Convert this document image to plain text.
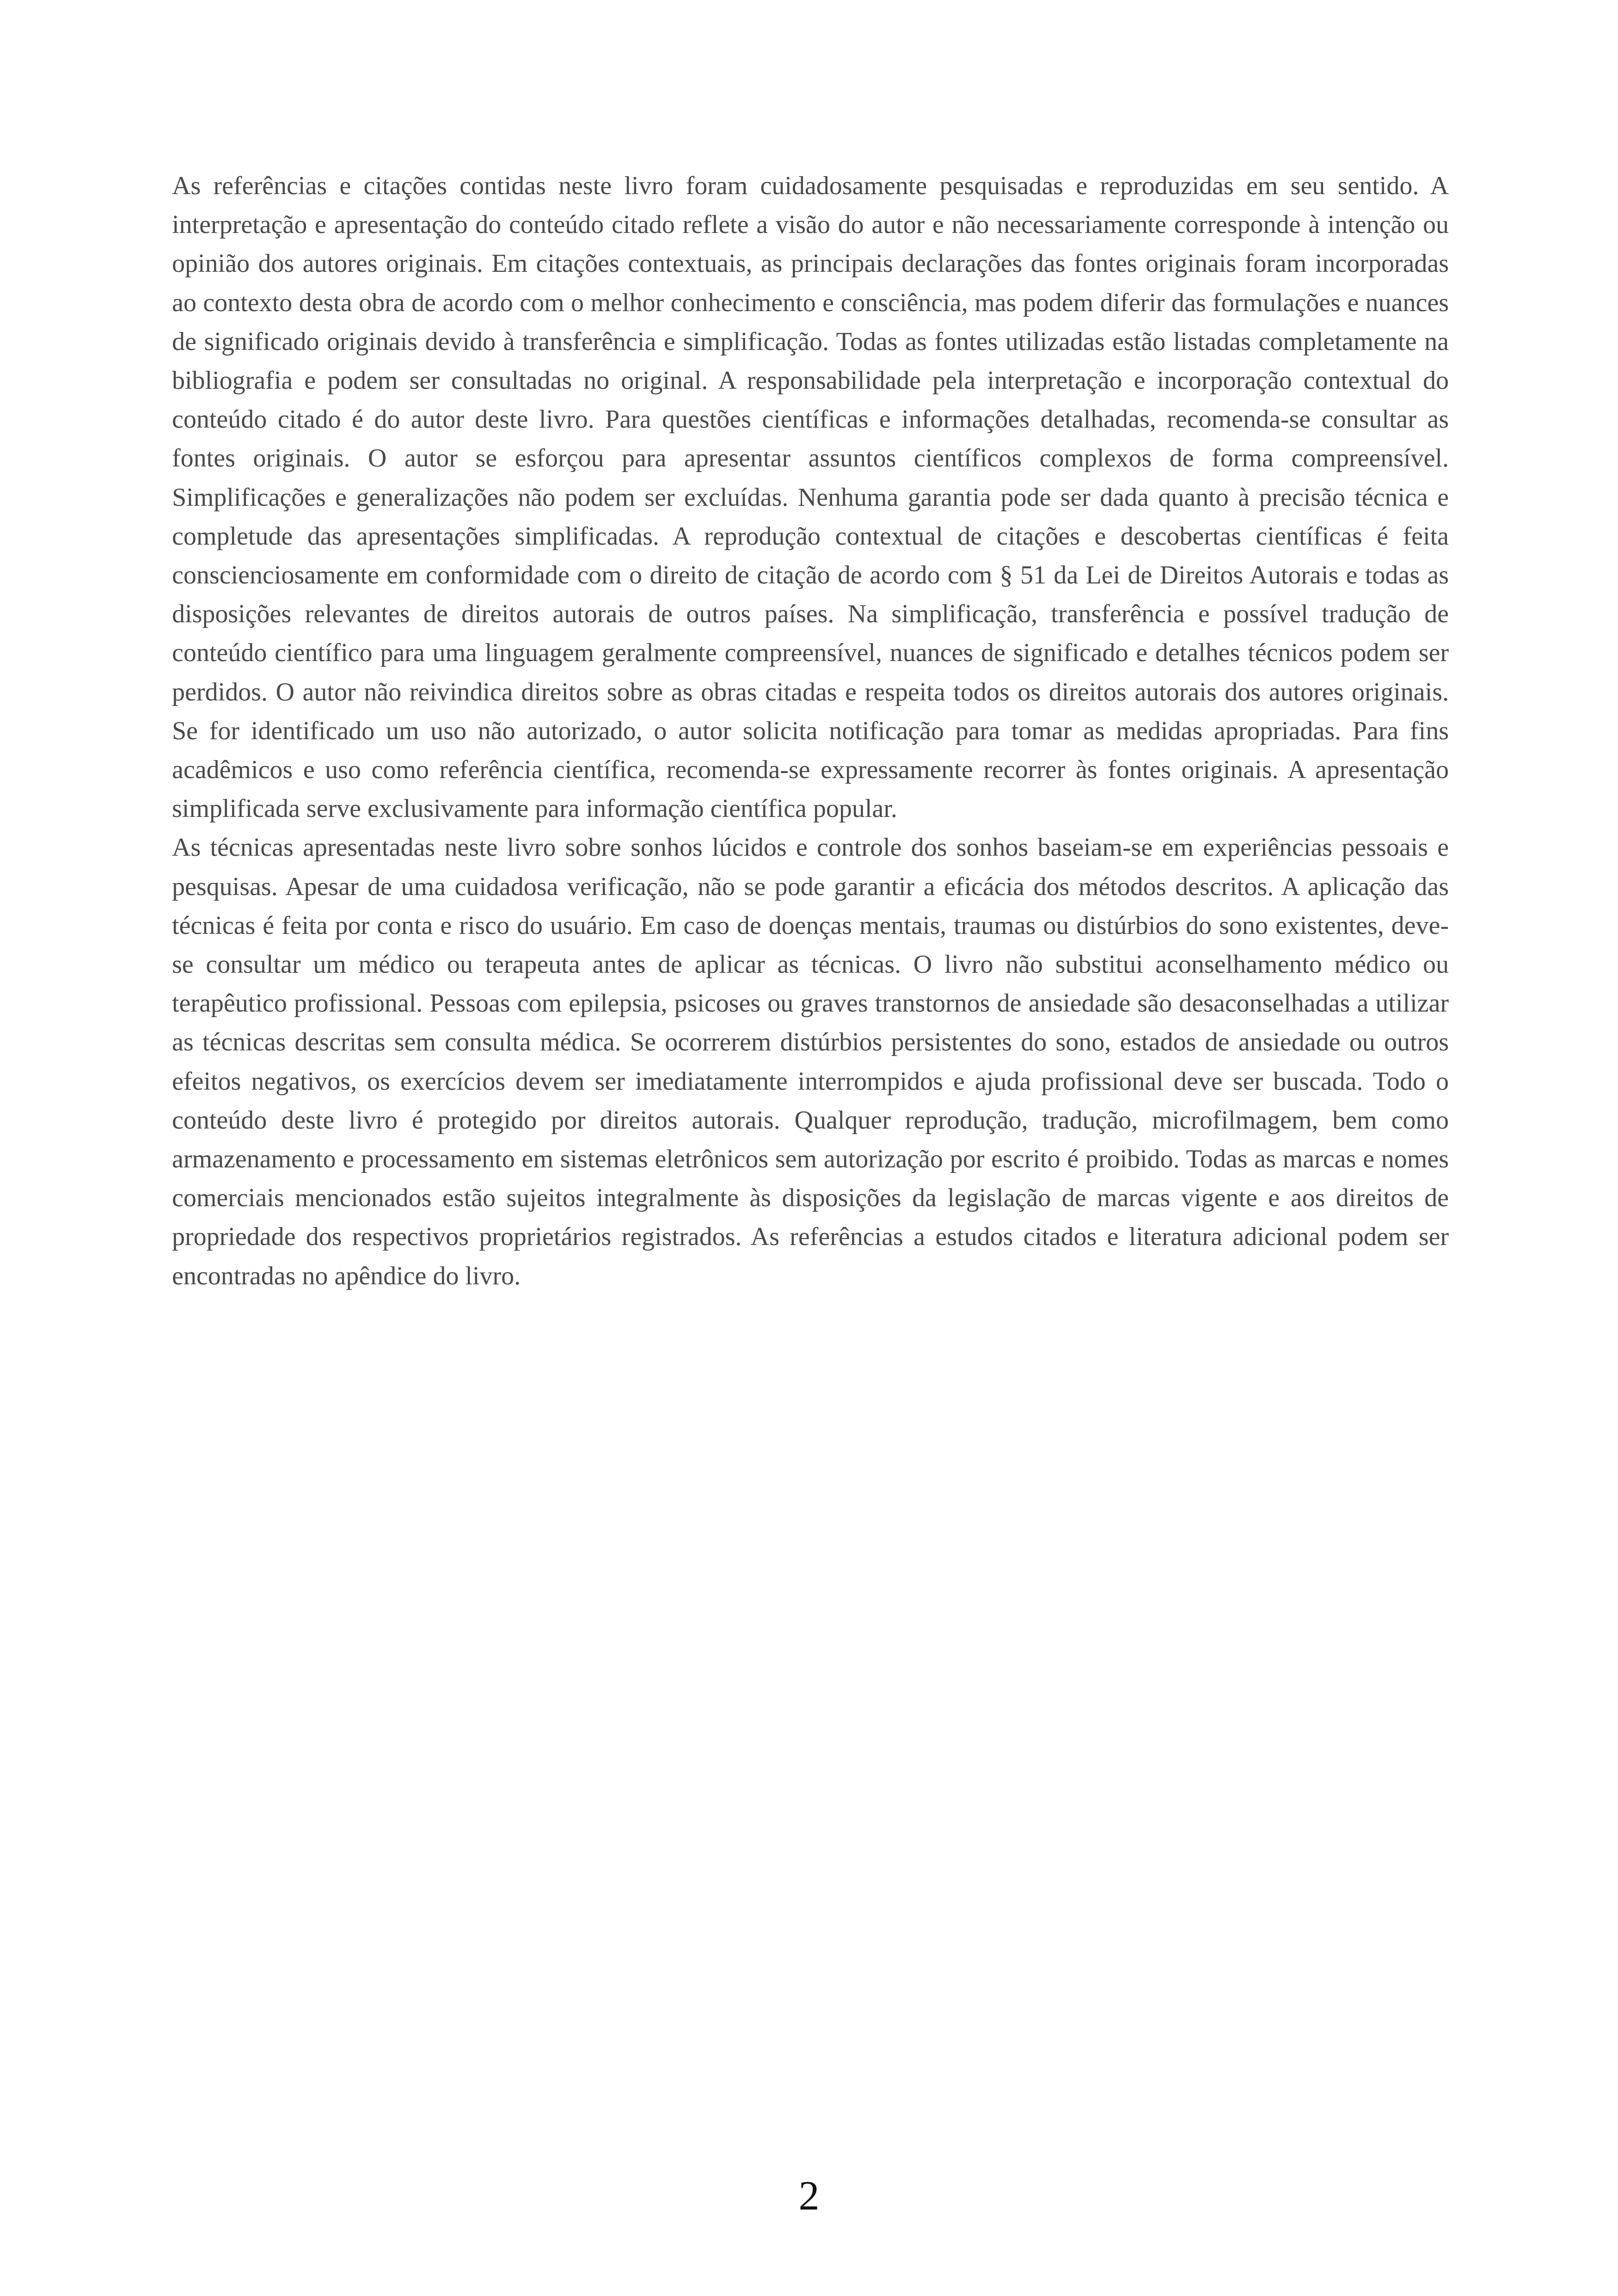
As referências e citações contidas neste livro foram cuidadosamente pesquisadas e reproduzidas em seu sentido. A interpretação e apresentação do conteúdo citado reflete a visão do autor e não necessariamente corresponde à intenção ou opinião dos autores originais. Em citações contextuais, as principais declarações das fontes originais foram incorporadas ao contexto desta obra de acordo com o melhor conhecimento e consciência, mas podem diferir das formulações e nuances de significado originais devido à transferência e simplificação. Todas as fontes utilizadas estão listadas completamente na bibliografia e podem ser consultadas no original. A responsabilidade pela interpretação e incorporação contextual do conteúdo citado é do autor deste livro. Para questões científicas e informações detalhadas, recomenda-se consultar as fontes originais. O autor se esforçou para apresentar assuntos científicos complexos de forma compreensível. Simplificações e generalizações não podem ser excluídas. Nenhuma garantia pode ser dada quanto à precisão técnica e completude das apresentações simplificadas. A reprodução contextual de citações e descobertas científicas é feita conscienciosamente em conformidade com o direito de citação de acordo com § 51 da Lei de Direitos Autorais e todas as disposições relevantes de direitos autorais de outros países. Na simplificação, transferência e possível tradução de conteúdo científico para uma linguagem geralmente compreensível, nuances de significado e detalhes técnicos podem ser perdidos. O autor não reivindica direitos sobre as obras citadas e respeita todos os direitos autorais dos autores originais. Se for identificado um uso não autorizado, o autor solicita notificação para tomar as medidas apropriadas. Para fins acadêmicos e uso como referência científica, recomenda-se expressamente recorrer às fontes originais. A apresentação simplificada serve exclusivamente para informação científica popular.

As técnicas apresentadas neste livro sobre sonhos lúcidos e controle dos sonhos baseiam-se em experiências pessoais e pesquisas. Apesar de uma cuidadosa verificação, não se pode garantir a eficácia dos métodos descritos. A aplicação das técnicas é feita por conta e risco do usuário. Em caso de doenças mentais, traumas ou distúrbios do sono existentes, deve-se consultar um médico ou terapeuta antes de aplicar as técnicas. O livro não substitui aconselhamento médico ou terapêutico profissional. Pessoas com epilepsia, psicoses ou graves transtornos de ansiedade são desaconselhadas a utilizar as técnicas descritas sem consulta médica. Se ocorrerem distúrbios persistentes do sono, estados de ansiedade ou outros efeitos negativos, os exercícios devem ser imediatamente interrompidos e ajuda profissional deve ser buscada. Todo o conteúdo deste livro é protegido por direitos autorais. Qualquer reprodução, tradução, microfilmagem, bem como armazenamento e processamento em sistemas eletrônicos sem autorização por escrito é proibido. Todas as marcas e nomes comerciais mencionados estão sujeitos integralmente às disposições da legislação de marcas vigente e aos direitos de propriedade dos respectivos proprietários registrados. As referências a estudos citados e literatura adicional podem ser encontradas no apêndice do livro.

2
